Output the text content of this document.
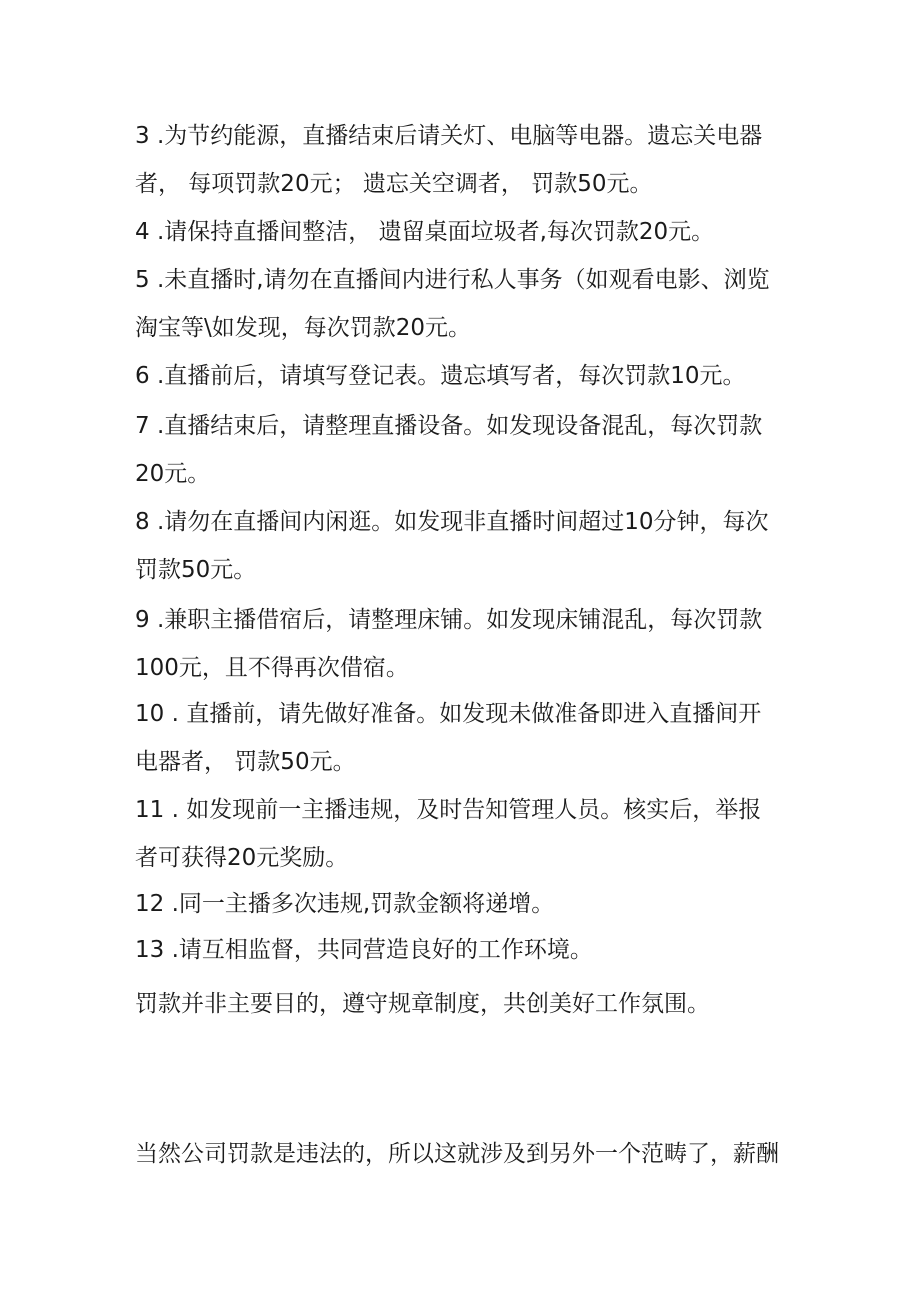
3 .为节约能源，直播结束后请关灯、电脑等电器。遗忘关电器
者， 每项罚款20元； 遗忘关空调者， 罚款50元。
4 .请保持直播间整洁， 遗留桌面垃圾者,每次罚款20元。
5 .未直播时,请勿在直播间内进行私人事务（如观看电影、浏览
淘宝等\如发现，每次罚款20元。
6 .直播前后，请填写登记表。遗忘填写者，每次罚款10元。
7 .直播结束后，请整理直播设备。如发现设备混乱，每次罚款
20元。
8 .请勿在直播间内闲逛。如发现非直播时间超过10分钟，每次
罚款50元。
9 .兼职主播借宿后，请整理床铺。如发现床铺混乱，每次罚款
100元，且不得再次借宿。
10 . 直播前，请先做好准备。如发现未做准备即进入直播间开
电器者， 罚款50元。
11 . 如发现前一主播违规，及时告知管理人员。核实后，举报
者可获得20元奖励。
12 .同一主播多次违规,罚款金额将递增。
13 .请互相监督，共同营造良好的工作环境。
罚款并非主要目的，遵守规章制度，共创美好工作氛围。
当然公司罚款是违法的，所以这就涉及到另外一个范畴了，薪酬
